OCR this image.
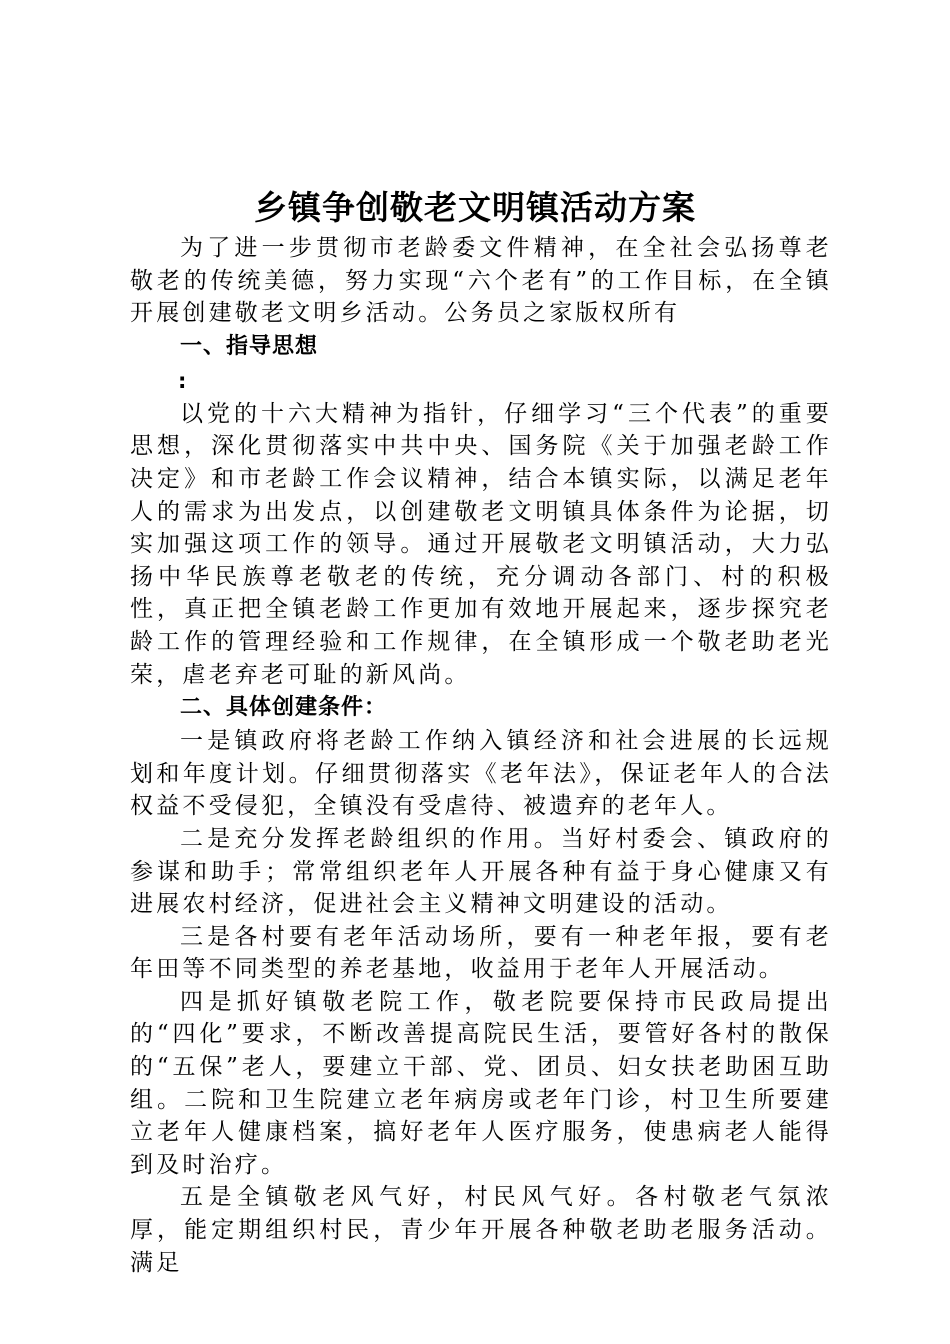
乡镇争创敬老文明镇活动方案

为了进一步贯彻市老龄委文件精神，在全社会弘扬尊老敬老的传统美德，努力实现“六个老有”的工作目标，在全镇开展创建敬老文明乡活动。公务员之家版权所有

一、指导思想
:

以党的十六大精神为指针，仔细学习“三个代表”的重要思想，深化贯彻落实中共中央、国务院《关于加强老龄工作决定》和市老龄工作会议精神，结合本镇实际，以满足老年人的需求为出发点，以创建敬老文明镇具体条件为论据，切实加强这项工作的领导。通过开展敬老文明镇活动，大力弘扬中华民族尊老敬老的传统，充分调动各部门、村的积极性，真正把全镇老龄工作更加有效地开展起来，逐步探究老龄工作的管理经验和工作规律，在全镇形成一个敬老助老光荣，虐老弃老可耻的新风尚。

二、具体创建条件：

一是镇政府将老龄工作纳入镇经济和社会进展的长远规划和年度计划。仔细贯彻落实《老年法》，保证老年人的合法权益不受侵犯，全镇没有受虐待、被遗弃的老年人。

二是充分发挥老龄组织的作用。当好村委会、镇政府的参谋和助手；常常组织老年人开展各种有益于身心健康又有进展农村经济，促进社会主义精神文明建设的活动。

三是各村要有老年活动场所，要有一种老年报，要有老年田等不同类型的养老基地，收益用于老年人开展活动。

四是抓好镇敬老院工作，敬老院要保持市民政局提出的“四化”要求，不断改善提高院民生活，要管好各村的散保的“五保”老人，要建立干部、党、团员、妇女扶老助困互助组。二院和卫生院建立老年病房或老年门诊，村卫生所要建立老年人健康档案，搞好老年人医疗服务，使患病老人能得到及时治疗。

五是全镇敬老风气好，村民风气好。各村敬老气氛浓厚，能定期组织村民，青少年开展各种敬老助老服务活动。满足
